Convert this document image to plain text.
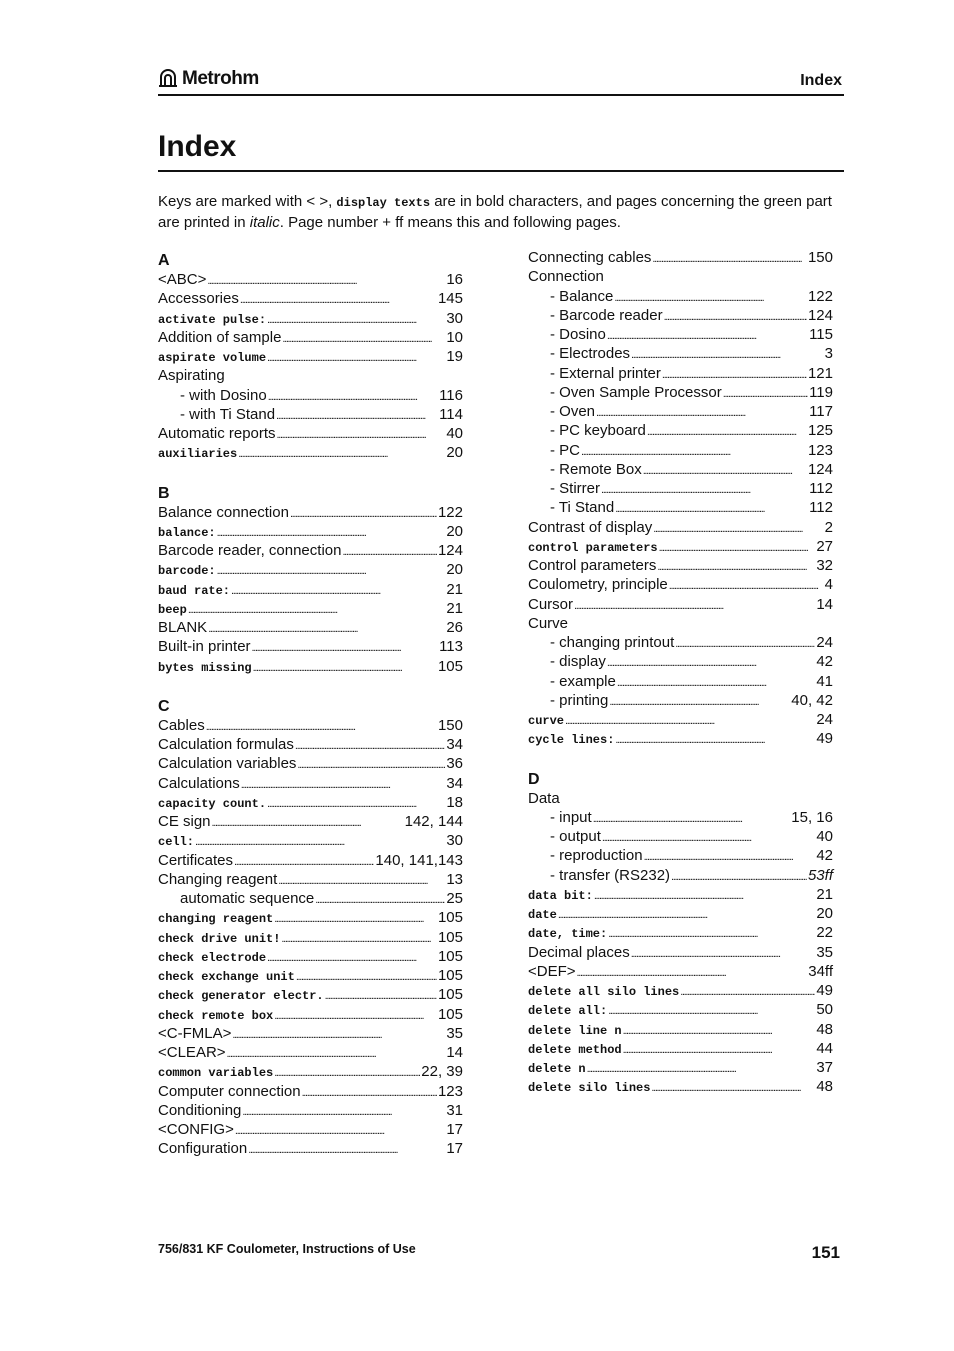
Metrohm	Index
Index
Keys are marked with < >, display texts are in bold characters, and pages concerning the green part are printed in italic. Page number + ff means this and following pages.
A
<ABC> . . .	16
Accessories . . .	145
activate pulse: . . .	30
Addition of sample . . .	10
aspirate volume . . .	19
Aspirating
- with Dosino . . .	116
- with Ti Stand . . .	114
Automatic reports . . .	40
auxiliaries . . .	20
B
Balance connection . . .	122
balance: . . .	20
Barcode reader, connection . . .	124
barcode: . . .	20
baud rate: . . .	21
beep . . .	21
BLANK . . .	26
Built-in printer . . .	113
bytes missing . . .	105
C
Cables . . .	150
Calculation formulas . . .	34
Calculation variables . . .	36
Calculations . . .	34
capacity count. . . .	18
CE sign . . .	142, 144
cell: . . .	30
Certificates . . .	140, 141,143
Changing reagent . . .	13
automatic sequence . . .	25
changing reagent . . .	105
check drive unit! . . .	105
check electrode . . .	105
check exchange unit . . .	105
check generator electr. . . .	105
check remote box . . .	105
<C-FMLA> . . .	35
<CLEAR> . . .	14
common variables . . .	22, 39
Computer connection . . .	123
Conditioning . . .	31
<CONFIG> . . .	17
Configuration . . .	17
Connecting cables . . .	150
Connection
- Balance . . .	122
- Barcode reader . . .	124
- Dosino . . .	115
- Electrodes . . .	3
- External printer . . .	121
- Oven Sample Processor . . .	119
- Oven . . .	117
- PC keyboard . . .	125
- PC . . .	123
- Remote Box . . .	124
- Stirrer . . .	112
- Ti Stand . . .	112
Contrast of display . . .	2
control parameters . . .	27
Control parameters . . .	32
Coulometry, principle . . .	4
Cursor . . .	14
Curve
- changing printout . . .	24
- display . . .	42
- example . . .	41
- printing . . .	40, 42
curve . . .	24
cycle lines: . . .	49
D
Data
- input . . .	15, 16
- output . . .	40
- reproduction . . .	42
- transfer (RS232) . . .	53ff
data bit: . . .	21
date . . .	20
date, time: . . .	22
Decimal places . . .	35
<DEF> . . .	34ff
delete all silo lines . . .	49
delete all: . . .	50
delete line n . . .	48
delete method . . .	44
delete n . . .	37
delete silo lines . . .	48
756/831 KF Coulometer, Instructions of Use	151
